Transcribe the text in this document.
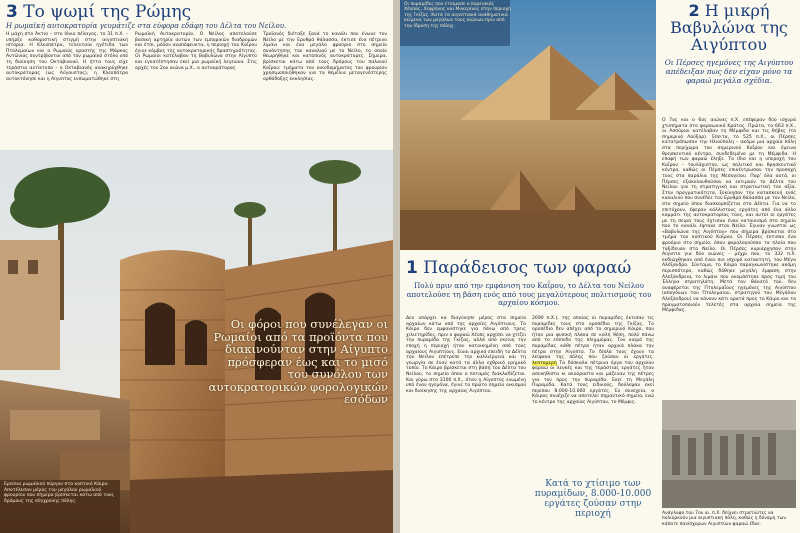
3 Το ψωμί της Ρώμης
Η ρωμαϊκή αυτοκρατορία γευμάτιζε στα εύφορα εδάφη του Δέλτα του Νείλου.
Η μάχη στο Άκτιο – στο Ιόνιο πέλαγος, το 31 π.Χ. – υπήρξε καθοριστική στιγμή στην αιγυπτιακή ιστορία. Η Κλεοπάτρα, τελευταία ηγέτιδα των Πτολεμαίων και ο Ρωμαίος εραστής της Μάρκος Αντώνιος συντρίβονται από τον ρωμαϊκό στόλο υπό τη διοίκηση του Οκταβιανού. Η ήττα τους είχε τεράστιο αντίκτυπο – ο Οκταβιανός ανακηρύχθηκε αυτοκράτορας (ως Αύγουστος), η Κλεοπάτρα αυτοκτόνησε και η Αίγυπτος ενσωματώθηκε στη
Ρωμαϊκή Αυτοκρατορία. Ο Νείλος αποτελούσε βασική αρτηρία αυτών των εμπορικών διαδρομών και έτσι, μόλον αναπόφευκτα, η περιοχή του Καΐρου έγινε κόμβος της αυτοκρατορικής δραστηριότητας. Οι Ρωμαίοι κατέλαβαν τη Βαβυλώνα στην Αίγυπτο και εγκατέστησαν εκεί μια ρωμαϊκή λεγεώνα. Στις αρχές του 2ου αιώνα μ.Χ., ο αυτοκράτορας
Τραϊανός διέταξε ξανά το κανάλι που ένωνε τον Νείλο με την Ερυθρά θάλασσα, έκτισε ένα πέτρινο λιμάνι και ένα μεγάλο φρούριο στο σημείο συνάντησης του καναλιού με το Νείλο, το οποίο θεωρήθηκε και κατοπινός αυτοκράτορες. Σήμερα, βρίσκεται κάτω από τους δρόμους του παλαιού Καΐρου: τμήματα του οικοδομήματος του φρουρίου χρησιμοποιήθηκαν για τα θεμέλια μεταγενέστερης ορθόδοξης εκκλησίας.
Οι φόροι που συνέλεγαν οι Ρωμαίοι από τα προϊόντα που διακινούνταν στην Αίγυπτο πρόσφεραν έως και το μισό του συνόλου των αυτοκρατορικών φορολογικών εσόδων
Ερείπια ρωμαϊκού πύργου στο κοπτικό Κάιρο. Αποτέλεσαν μέρος του μεγάλου ρωμαϊκού φρουρίου που σήμερα βρίσκεται κάτω από τους δρόμους της σύγχρονης πόλης.
Οι πυραμίδες που ετοίμασε ο πορειακός Χέοπας, Χεφρήνος και Μυκερίνος στην περιοχή της Γκίζας. Κατά τα αιγυπτιακά αναθηματικά κείμενα των μεγάλων τους αιώνων πριν από την ίδρυση της πόλης.
2 Η μικρή Βαβυλώνα της Αιγύπτου
Οι Πέρσες ηγεμόνες της Αιγύπτου απέδειξαν πως δεν είχαν μόνο τα φαραώ μεγάλα σχέδια.
Ο 7ος και ο 6ος αιώνας π.Χ. επέφεραν δύο ισχυρά χτυπήματα στο φαραωνικό Κράτος. Πρώτα, το 663 π.Χ., οι Ασσύριοι κατέλαβαν τη Μέμφιδα και τις θήβες (το σημερινό Λούξορ). Έπειτα, το 525 π.Χ., οι Πέρσες κατατρόπωσαν την Ηλιούπολη – ακόμα μια αρχαία πόλη στα περίχωρα του σημερινού Καΐρου και έμεινα θρησκευτικό κέντρο, συνδεδεμένο με τη Μέμφιδα. Η επαφή των φαραώ έληξε. Το ίδιο και η υπεροχή του Καΐρου – τουλάχιστον, ως πολιτικό και θρησκευτικό κέντρο, καθώς οι Πέρσες επικέντρωσαν την προσοχή τους στα παράλια της Μεσογείου. Παρ' όλα αυτά, οι Πέρσες εξακολουθούσαν να εκτιμούν το Δέλτα του Νείλου για τη στρατηγική και στρατιωτική του αξία. Στην πραγματικότητα, ξεκίνησαν την κατασκευή ενός καναλιού που συνέδεε τον Ερυθρά θάλασσα με τον Νείλο, στο σημείο όπου διασκορπίζεται στο Δέλτα. Για να το επιτύχουν, έφεραν κάλλιστους εργάτες από ένα άλλο κομμάτι της αυτοκρατορίας τους, και αυτοί οι εργάτες με τη σειρά τους έχτισαν έναν κατοικισμό στο σημείο που το κανάλι έφτανε στον Νείλο. Έγιναν γνωστοί ως «Βαβυλώνα της Αιγύπτου» που σήμερα βρίσκεται στο τμήμα του κοπτικού Καΐρου. Οι Πέρσες έκτισαν ένα φρούριο στο σημείο, όπου φορολογούσαν τα πλοία που ταξίδευαν στο Νείλο. Οι Πέρσες κυριάρχησαν στην Αίγυπτο για δύο αιώνες – μέχρι που, το 332 π.Χ. εκδιώχθηκαν από έναν πιο ισχυρό κατακτητή, τον Μέγα Αλέξανδρο. Σύντομα, το Κάιρο παραγκωνίστηκε ακόμη περισσότερο, καθώς δόθηκε μεγάλη έμφαση στην Αλεξάνδρεια, το λιμάνι που ονομάστηκε προς τιμή του Έλληνα στρατηλάτη. Μετά τον θάνατό του, δεν αναφέρεται της Πτολεμαΐους ηγεμόνες της Αιγύπτου (απογόνων του Πτολεμαίου, στρατηγού του Μεγάλου Αλεξάνδρου) να κάνουν κάτι ορατά προς το Κάιρο και τα πραγματοποιούν τελετές στα αρχαία σημεία της Μέμφιδας.
1 Παράδεισος των φαραώ
Πολύ πριν από την εμφάνιση του Καΐρου, το Δέλτα του Νείλου αποτελούσε τη βάση ενός από τους μεγαλύτερους πολιτισμούς του αρχαίου κόσμου.
Δεν υπάρχει κα διαγύνησε μέρος στα σημεία αρχαίων κάτω από της αρχαίες Αιγύπτιους. Το Κάιρο δεν εμφανίστηκε για πάνω από τρεις χιλιετηρίδες, πριν ο φαραώ Χέοπς αρχίσει να χτίζει την πυραμίδα της Γκίζας, αλλά από εκείνη την εποχή η περιοχή ήταν κατοικημένη από τους αρχαίους Αιγυπτίους. Είναι αρχικά επειδή το Δέλτα του Νείλου επέτρεπε την καλλιέργεια και τη γεωργία σε έναν κατά τα άλλα εχθρικό ερημικό τοπίο. Το Κάιρο βρίσκεται στη βάση του Δέλτα του Νείλου, το σημείο όπου ο ποταμός διακλαδίζεται. Και γύρω στο 3100 π.Χ., όταν η Αίγυπτος ενωμένη υπό έναν ηγεμόνα, έγινε το πρώτο σημείο οικισμού και διοίκησης της αρχαίας Αιγύπτου.
2690 π.Χ.), της οποίας οι πυραμίδες έκτισαν τις πυραμίδες τους στο οροπέδιο της Γκίζας. Το οροπέδιο δεν απέχει από το σημερινό Κάιρο, που ήταν μια φυσική πλάκα σε καλή θέση, πολύ πάνω από το επίπεδο της πλημμύρας. Τον καιρό της πυραμίδας κάθε πέτρα ήταν αρχικά πλάκα την πέτρα στην Αίγυπτο. Το δίπλα τους έχουν τα λείψανα της πόλης που ζούσαν οι εργάτες. λεπτομερή Τα δύσκαλα πέτρινα έργα του αρχαίου φαραώ οι λευκές και της τεράστιας εργάτες ήταν ασυνήθιστα κι ακούραστα και μάζευαν της πέτρες για τον προς την πυραμίδα. Εκεί τη Μεγάλη Πυραμίδα. Κατά τους ειδικούς, δούλεψαν εκεί περίπου 8.000-10.000 εργάτες. Εν συνεχεία, ο Κάιρος συνέχιζε να αποτελεί σημαντικό σημείο, ενώ το κέντρο της αρχαίας Αιγύπτου, το Μέμφις.
Κατά το χτίσιμο των πυραμίδων, 8.000-10.000 εργάτες ζούσαν στην περιοχή	Ανάγλυφο του 7ου αι. π.Χ. δείχνει στρατιώτες να πολιορκούν μια αιγυπτιακή πόλη, καθώς η δύναμη των κάποτε πανίσχυρων Αιγυπτίων φαραώ έδυε.
